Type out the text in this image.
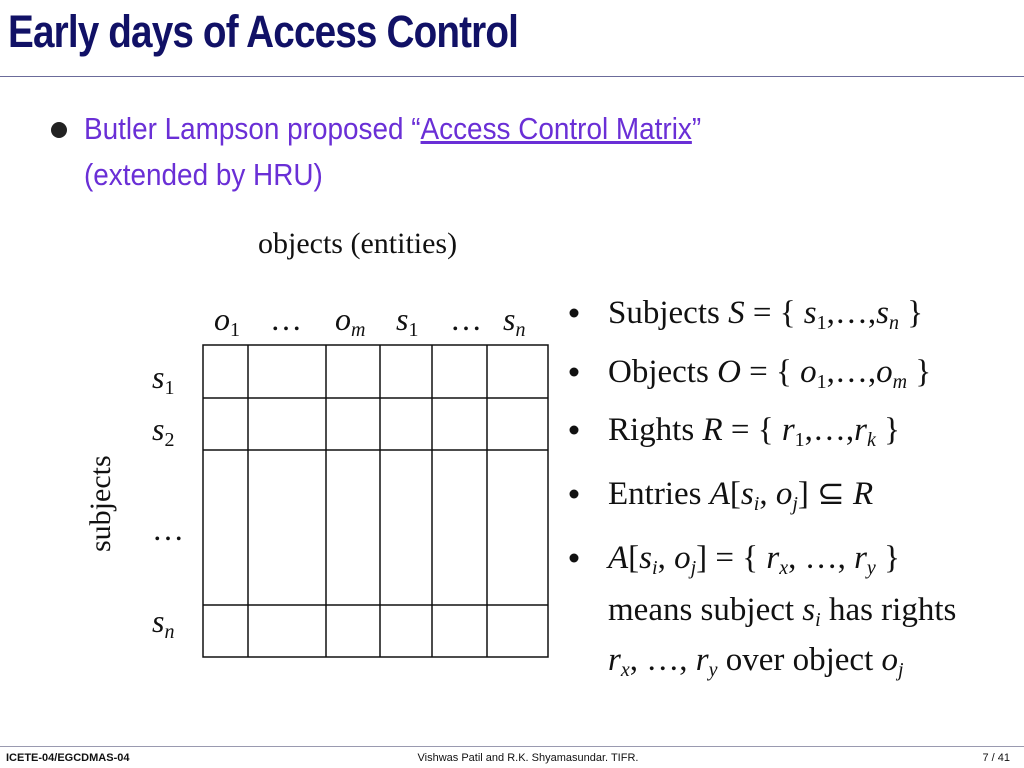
Early days of Access Control
Butler Lampson proposed “Access Control Matrix”
(extended by HRU)
objects (entities)
o1 … om s1 … sn
s1
s2
…
sn
subjects
Subjects S = { s1,…,sn }
Objects O = { o1,…,om }
Rights R = { r1,…,rk }
Entries A[si, oj] ⊆ R
A[si, oj] = { rx, …, ry }
means subject si has rights
rx, …, ry over object oj
ICETE-04/EGCDMAS-04	Vishwas Patil and R.K. Shyamasundar. TIFR.	7 / 41
